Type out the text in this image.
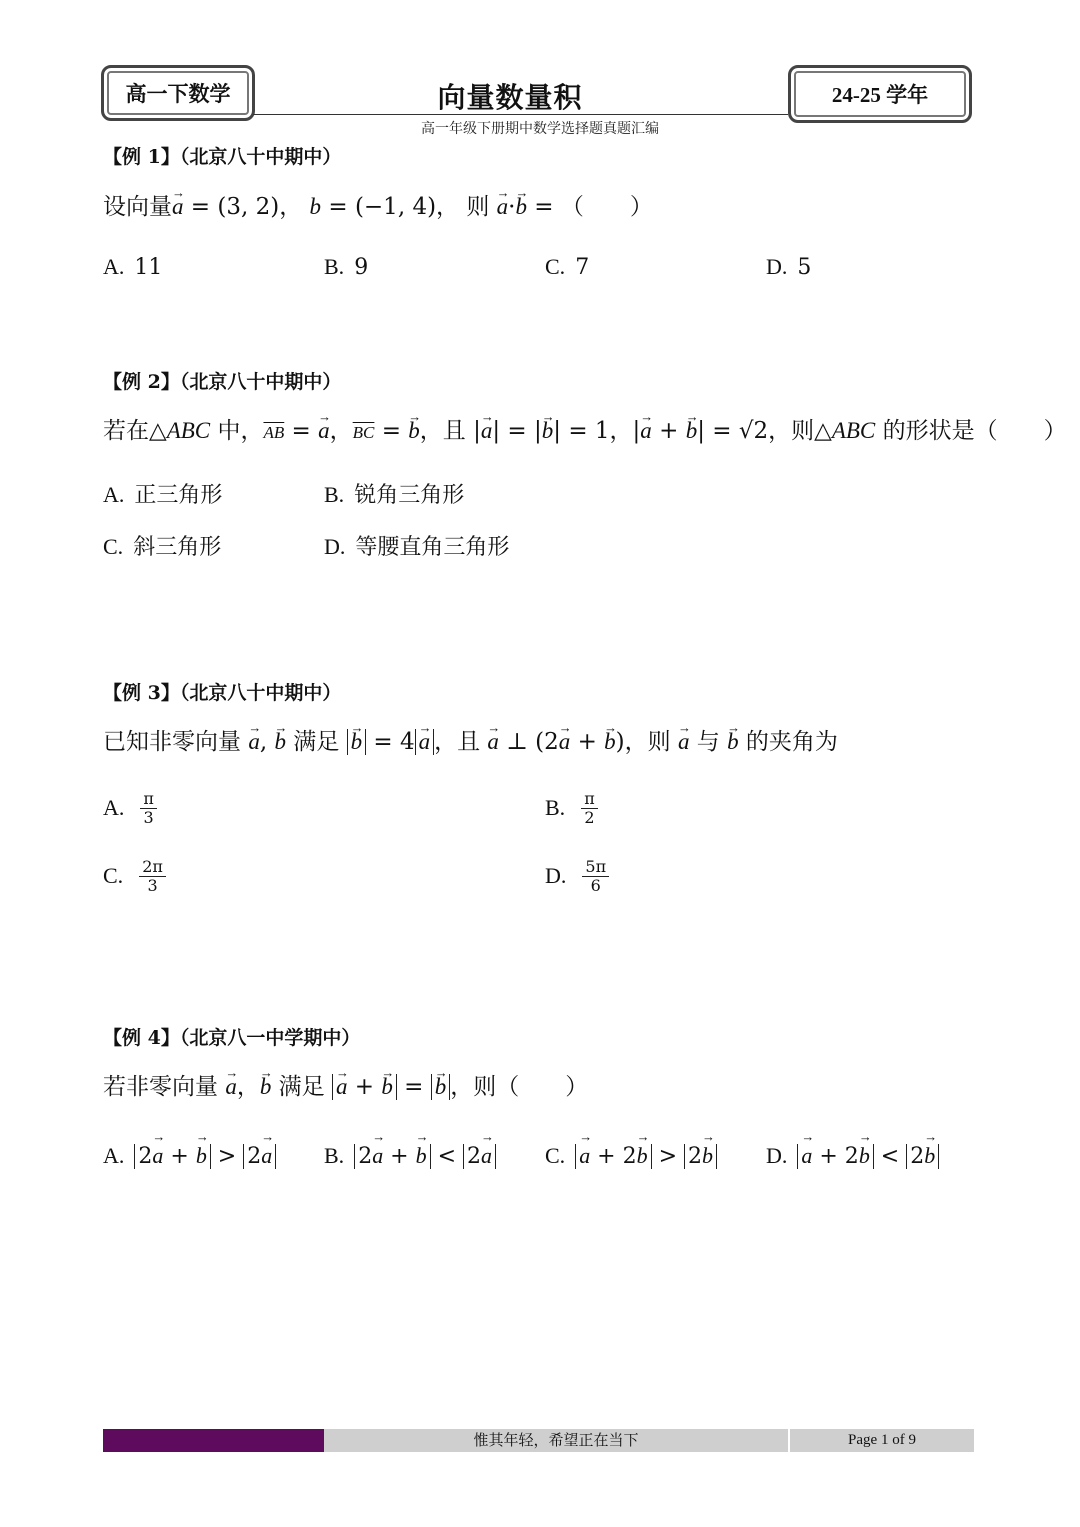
高一下数学	向量数量积	24-25 学年
高一年级下册期中数学选择题真题汇编
【例 1】（北京八十中期中）
设向量→ a = (3, 2)， b = (−1, 4)， 则 → a·→ b = （　　）
A. 11	B. 9	C. 7	D. 5
【例 2】（北京八十中期中）
若在△ABC 中，$\overline{AB}$ = → a，$\overline{BC}$ = → b，且 |→ a| = |→ b| = 1，|→ a + → b| = √2，则△ABC 的形状是（　　）
A. 正三角形	B. 锐角三角形
C. 斜三角形	D. 等腰直角三角形
【例 3】（北京八十中期中）
已知非零向量 → a, → b 满足 → b = 4 → a ，且 → a ⊥ (2→ a + → b)，则 → a 与 → b 的夹角为
A. $\frac{\pi}{3}$	B. $\frac{\pi}{2}$
C. $\frac{2\pi}{3}$	D. $\frac{5\pi}{6}$
【例 4】（北京八一中学期中）
若非零向量 → a，→ b 满足 → a + → b = → b ，则（　　）
A. 2→ a + → b > 2→ a B. 2→ a + → b < 2→ a C. → a + 2→ b > 2→ b D. → a + 2→ b < 2→ b
惟其年轻，希望正在当下	Page 1 of 9
